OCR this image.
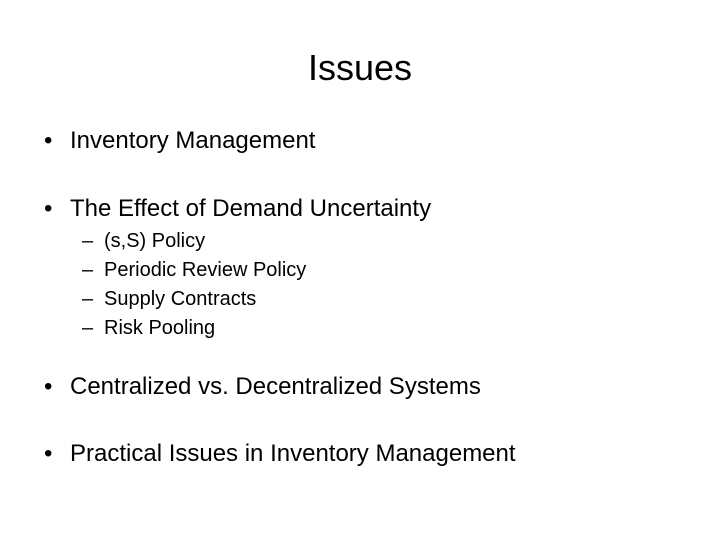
Issues
• Inventory Management
• The Effect of Demand Uncertainty
– (s,S) Policy
– Periodic Review Policy
– Supply Contracts
– Risk Pooling
• Centralized vs. Decentralized Systems
• Practical Issues in Inventory Management
